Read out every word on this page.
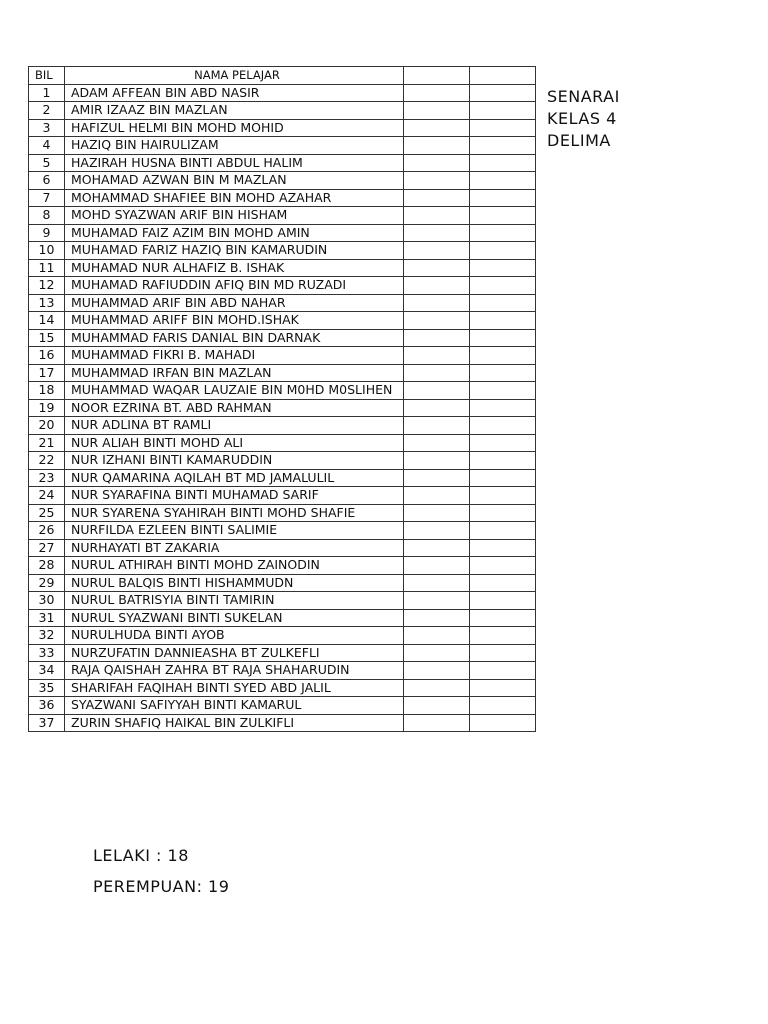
BIL	NAMA PELAJAR		
1	ADAM AFFEAN BIN ABD NASIR		
2	AMIR IZAAZ BIN MAZLAN		
3	HAFIZUL HELMI BIN MOHD MOHID		
4	HAZIQ BIN HAIRULIZAM		
5	HAZIRAH HUSNA BINTI ABDUL HALIM		
6	MOHAMAD AZWAN BIN M MAZLAN		
7	MOHAMMAD SHAFIEE BIN MOHD AZAHAR		
8	MOHD SYAZWAN ARIF BIN HISHAM		
9	MUHAMAD FAIZ AZIM BIN MOHD AMIN		
10	MUHAMAD FARIZ HAZIQ BIN KAMARUDIN		
11	MUHAMAD NUR ALHAFIZ B. ISHAK		
12	MUHAMAD RAFIUDDIN AFIQ BIN MD RUZADI		
13	MUHAMMAD ARIF BIN ABD NAHAR		
14	MUHAMMAD ARIFF BIN MOHD.ISHAK		
15	MUHAMMAD FARIS DANIAL BIN DARNAK		
16	MUHAMMAD FIKRI B. MAHADI		
17	MUHAMMAD IRFAN BIN MAZLAN		
18	MUHAMMAD WAQAR LAUZAIE BIN M0HD M0SLIHEN		
19	NOOR EZRINA BT. ABD RAHMAN		
20	NUR ADLINA BT RAMLI		
21	NUR ALIAH BINTI MOHD ALI		
22	NUR IZHANI BINTI KAMARUDDIN		
23	NUR QAMARINA AQILAH BT MD JAMALULIL		
24	NUR SYARAFINA BINTI MUHAMAD SARIF		
25	NUR SYARENA SYAHIRAH BINTI MOHD SHAFIE		
26	NURFILDA EZLEEN BINTI SALIMIE		
27	NURHAYATI BT ZAKARIA		
28	NURUL ATHIRAH BINTI MOHD ZAINODIN		
29	NURUL BALQIS BINTI HISHAMMUDN		
30	NURUL BATRISYIA BINTI TAMIRIN		
31	NURUL SYAZWANI BINTI SUKELAN		
32	NURULHUDA BINTI AYOB		
33	NURZUFATIN DANNIEASHA BT ZULKEFLI		
34	RAJA QAISHAH ZAHRA BT RAJA SHAHARUDIN		
35	SHARIFAH FAQIHAH BINTI SYED ABD JALIL		
36	SYAZWANI SAFIYYAH BINTI KAMARUL		
37	ZURIN SHAFIQ HAIKAL BIN ZULKIFLI		
SENARAI
KELAS 4
DELIMA
LELAKI : 18
PEREMPUAN: 19
